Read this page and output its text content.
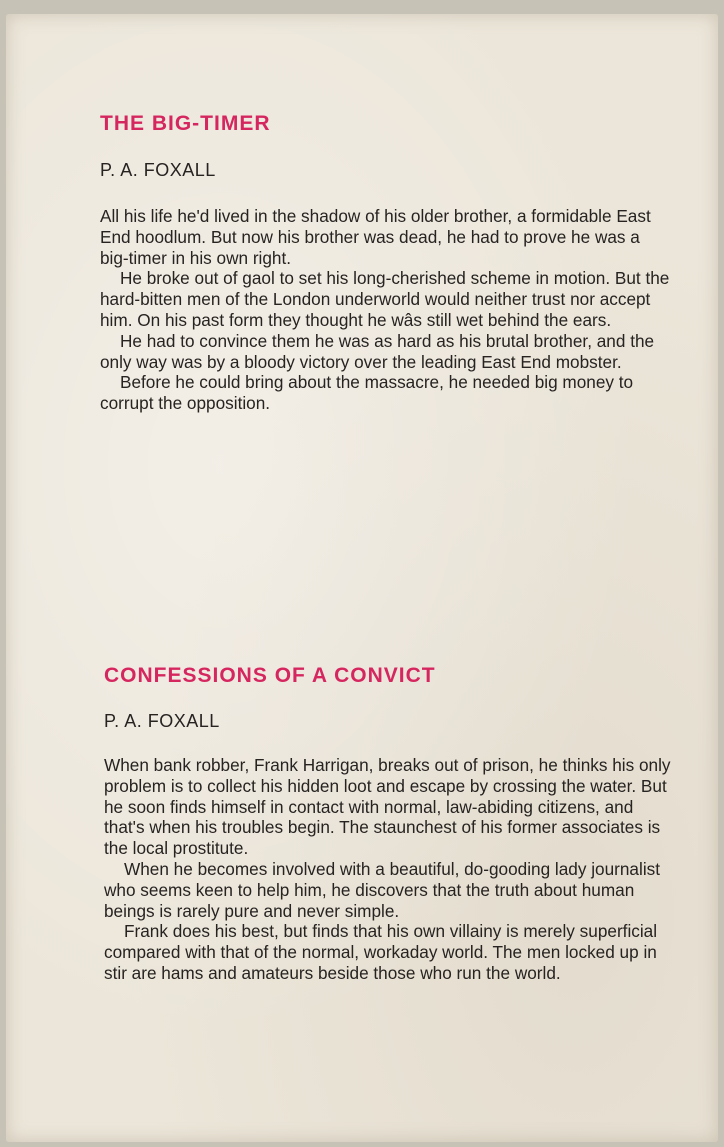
THE BIG-TIMER

P. A. FOXALL

All his life he'd lived in the shadow of his older brother, a formidable East End hoodlum. But now his brother was dead, he had to prove he was a big-timer in his own right.

He broke out of gaol to set his long-cherished scheme in motion. But the hard-bitten men of the London underworld would neither trust nor accept him. On his past form they thought he wâs still wet behind the ears.

He had to convince them he was as hard as his brutal brother, and the only way was by a bloody victory over the leading East End mobster.

Before he could bring about the massacre, he needed big money to corrupt the opposition.

CONFESSIONS OF A CONVICT

P. A. FOXALL

When bank robber, Frank Harrigan, breaks out of prison, he thinks his only problem is to collect his hidden loot and escape by crossing the water. But he soon finds himself in contact with normal, law-abiding citizens, and that's when his troubles begin. The staunchest of his former associates is the local prostitute.

When he becomes involved with a beautiful, do-gooding lady journalist who seems keen to help him, he discovers that the truth about human beings is rarely pure and never simple.

Frank does his best, but finds that his own villainy is merely superficial compared with that of the normal, workaday world. The men locked up in stir are hams and amateurs beside those who run the world.
